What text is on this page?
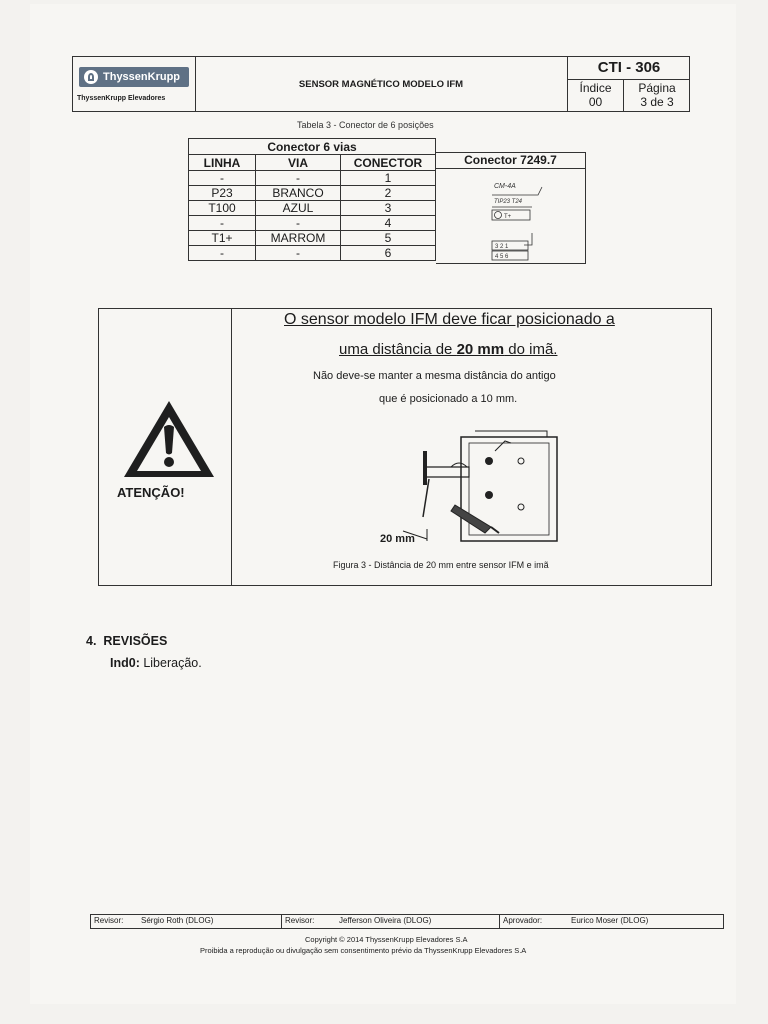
ThyssenKrupp
ThyssenKrupp Elevadores
SENSOR MAGNÉTICO MODELO IFM
CTI - 306
Índice
00
Página
3 de 3
Tabela 3 - Conector de 6 posições
Conector 6 vias		
LINHA	VIA	CONECTOR
-	-	1
P23	BRANCO	2
T100	AZUL	3
-	-	4
T1+	MARROM	5
-	-	6
Conector 7249.7
CM-4A
TIP23 T24
T+
3 2 1
4 5 6
ATENÇÃO!
O sensor modelo IFM deve ficar posicionado a
uma distância de 20 mm do imã.
Não deve-se manter a mesma distância do antigo
que é posicionado a 10 mm.
20 mm
Figura 3 - Distância de 20 mm entre sensor IFM e imã
4. REVISÕES
Ind0: Liberação.
Revisor: Sérgio Roth (DLOG)	Revisor:	Jefferson Oliveira (DLOG)	Aprovador:	Eurico Moser (DLOG)
Copyright © 2014 ThyssenKrupp Elevadores S.A
Proibida a reprodução ou divulgação sem consentimento prévio da ThyssenKrupp Elevadores S.A
